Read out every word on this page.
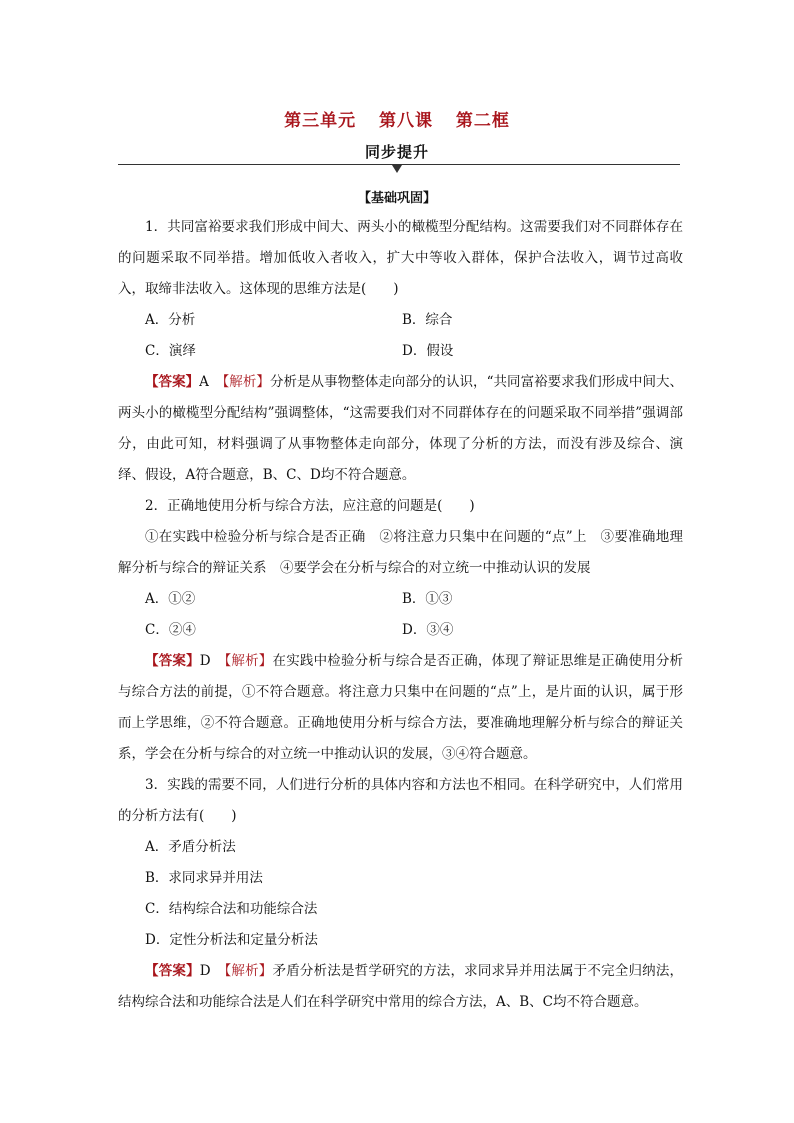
第三单元 第八课 第二框
同步提升
【基础巩固】

1．共同富裕要求我们形成中间大、两头小的橄榄型分配结构。这需要我们对不同群体存在的问题采取不同举措。增加低收入者收入，扩大中等收入群体，保护合法收入，调节过高收入，取缔非法收入。这体现的思维方法是(　　)

A．分析	B．综合
C．演绎	D．假设

【答案】A　 【解析】分析是从事物整体走向部分的认识，“共同富裕要求我们形成中间大、两头小的橄榄型分配结构”强调整体，“这需要我们对不同群体存在的问题采取不同举措”强调部分，由此可知，材料强调了从事物整体走向部分，体现了分析的方法，而没有涉及综合、演绎、假设，A符合题意，B、C、D均不符合题意。

2．正确地使用分析与综合方法，应注意的问题是(　　)

①在实践中检验分析与综合是否正确　②将注意力只集中在问题的“点”上　③要准确地理解分析与综合的辩证关系　④要学会在分析与综合的对立统一中推动认识的发展

A．①②	B．①③
C．②④	D．③④

【答案】D　 【解析】在实践中检验分析与综合是否正确，体现了辩证思维是正确使用分析与综合方法的前提，①不符合题意。将注意力只集中在问题的“点”上，是片面的认识，属于形而上学思维，②不符合题意。正确地使用分析与综合方法，要准确地理解分析与综合的辩证关系，学会在分析与综合的对立统一中推动认识的发展，③④符合题意。

3．实践的需要不同，人们进行分析的具体内容和方法也不相同。在科学研究中，人们常用的分析方法有(　　)

A．矛盾分析法

B．求同求异并用法

C．结构综合法和功能综合法

D．定性分析法和定量分析法

【答案】D　 【解析】矛盾分析法是哲学研究的方法，求同求异并用法属于不完全归纳法，结构综合法和功能综合法是人们在科学研究中常用的综合方法，A、B、C均不符合题意。
